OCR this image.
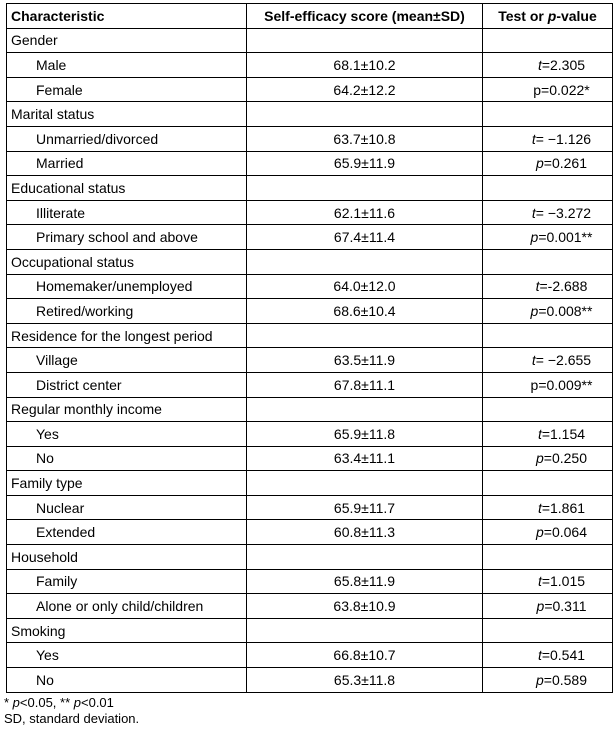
Characteristic	Self-efficacy score (mean±SD)	Test or p-value
Gender		
Male	68.1±10.2	t=2.305
Female	64.2±12.2	p=0.022*
Marital status		
Unmarried/divorced	63.7±10.8	t= −1.126
Married	65.9±11.9	p=0.261
Educational status		
Illiterate	62.1±11.6	t= −3.272
Primary school and above	67.4±11.4	p=0.001**
Occupational status		
Homemaker/unemployed	64.0±12.0	t=-2.688
Retired/working	68.6±10.4	p=0.008**
Residence for the longest period		
Village	63.5±11.9	t= −2.655
District center	67.8±11.1	p=0.009**
Regular monthly income		
Yes	65.9±11.8	t=1.154
No	63.4±11.1	p=0.250
Family type		
Nuclear	65.9±11.7	t=1.861
Extended	60.8±11.3	p=0.064
Household		
Family	65.8±11.9	t=1.015
Alone or only child/children	63.8±10.9	p=0.311
Smoking		
Yes	66.8±10.7	t=0.541
No	65.3±11.8	p=0.589
* p<0.05, ** p<0.01
SD, standard deviation.
